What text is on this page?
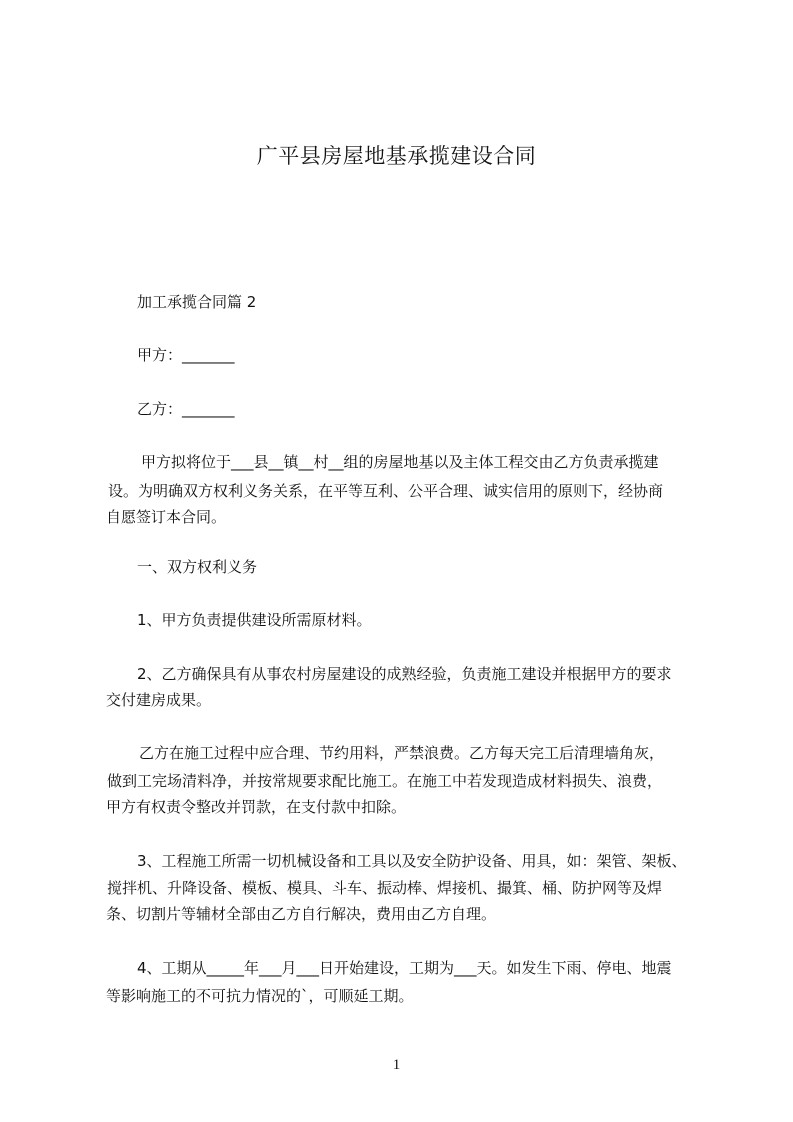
广平县房屋地基承揽建设合同
加工承揽合同篇 2
甲方：_______
乙方：_______
甲方拟将位于___县__镇__村__组的房屋地基以及主体工程交由乙方负责承揽建
设。为明确双方权利义务关系，在平等互利、公平合理、诚实信用的原则下，经协商
自愿签订本合同。
一、双方权利义务
1、甲方负责提供建设所需原材料。
2、乙方确保具有从事农村房屋建设的成熟经验，负责施工建设并根据甲方的要求
交付建房成果。
乙方在施工过程中应合理、节约用料，严禁浪费。乙方每天完工后清理墙角灰，
做到工完场清料净，并按常规要求配比施工。在施工中若发现造成材料损失、浪费，
甲方有权责令整改并罚款，在支付款中扣除。
3、工程施工所需一切机械设备和工具以及安全防护设备、用具，如：架管、架板、
搅拌机、升降设备、模板、模具、斗车、振动棒、焊接机、撮箕、桶、防护网等及焊
条、切割片等辅材全部由乙方自行解决，费用由乙方自理。
4、工期从_____年___月___日开始建设，工期为___天。如发生下雨、停电、地震
等影响施工的不可抗力情况的`，可顺延工期。
1
